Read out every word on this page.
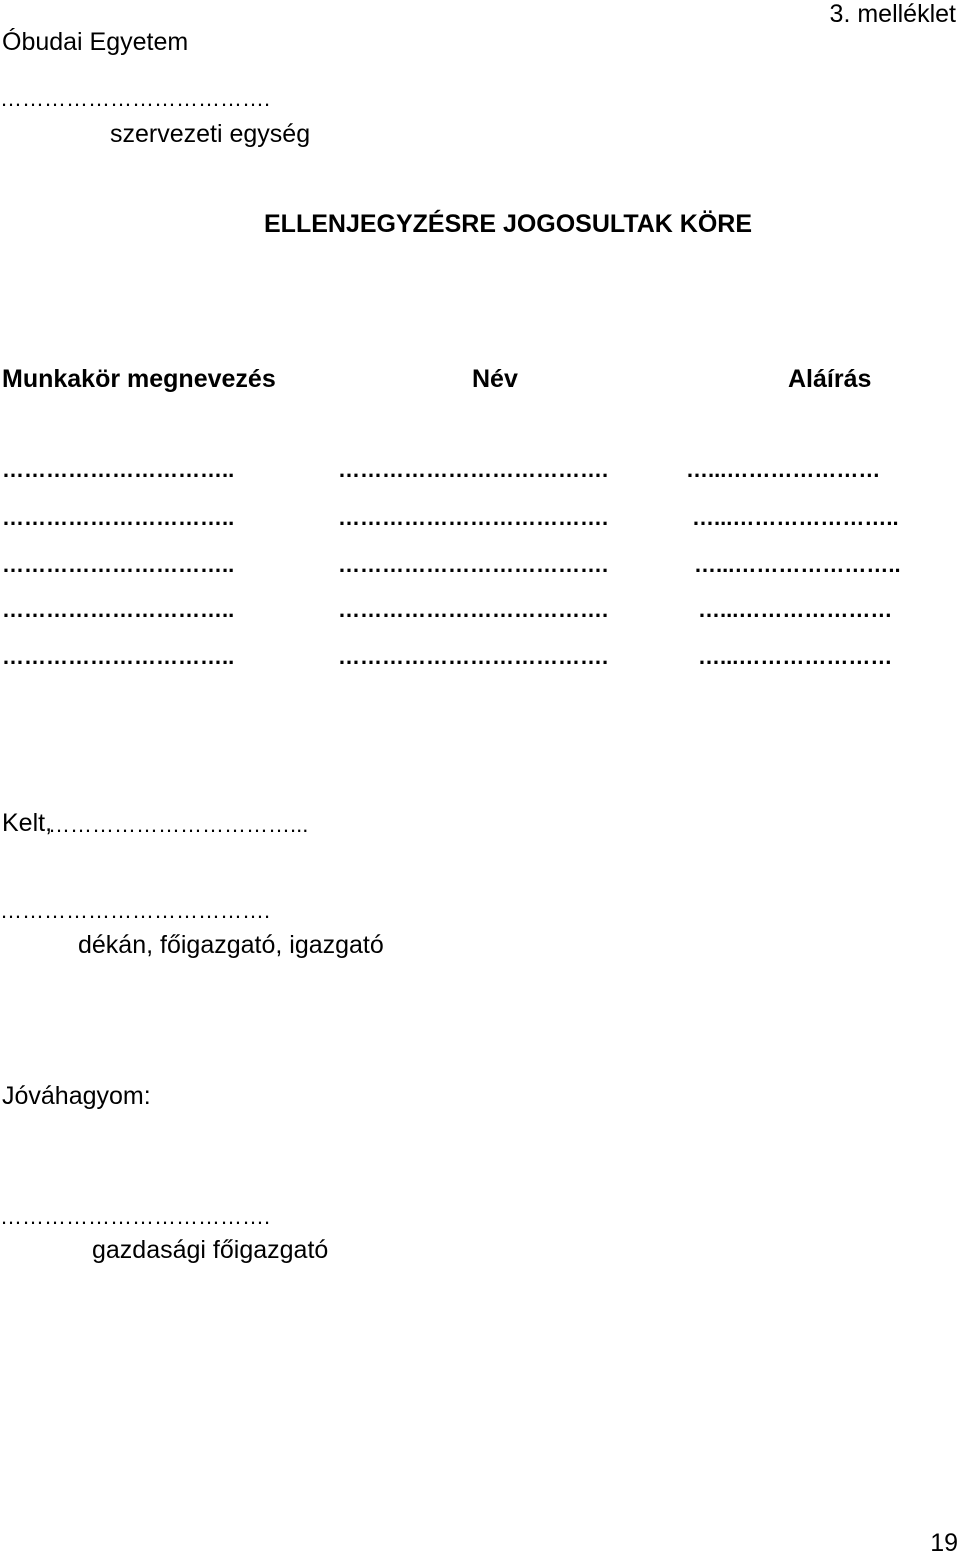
Óbudai Egyetem
3. melléklet
……………………………….
szervezeti egység
ELLENJEGYZÉSRE JOGOSULTAK KÖRE
Munkakör megnevezés	Név	Aláírás
…………………………..	……………………………….	…...…………………
…………………………..	……………………………….	…...…………………..
…………………………..	……………………………….	…...…………………..
…………………………..	……………………………….	…...…………………
…………………………..	……………………………….	…...…………………
Kelt,
……………………………...
……………………………….
dékán, főigazgató, igazgató
Jóváhagyom:
……………………………….
gazdasági főigazgató
19
